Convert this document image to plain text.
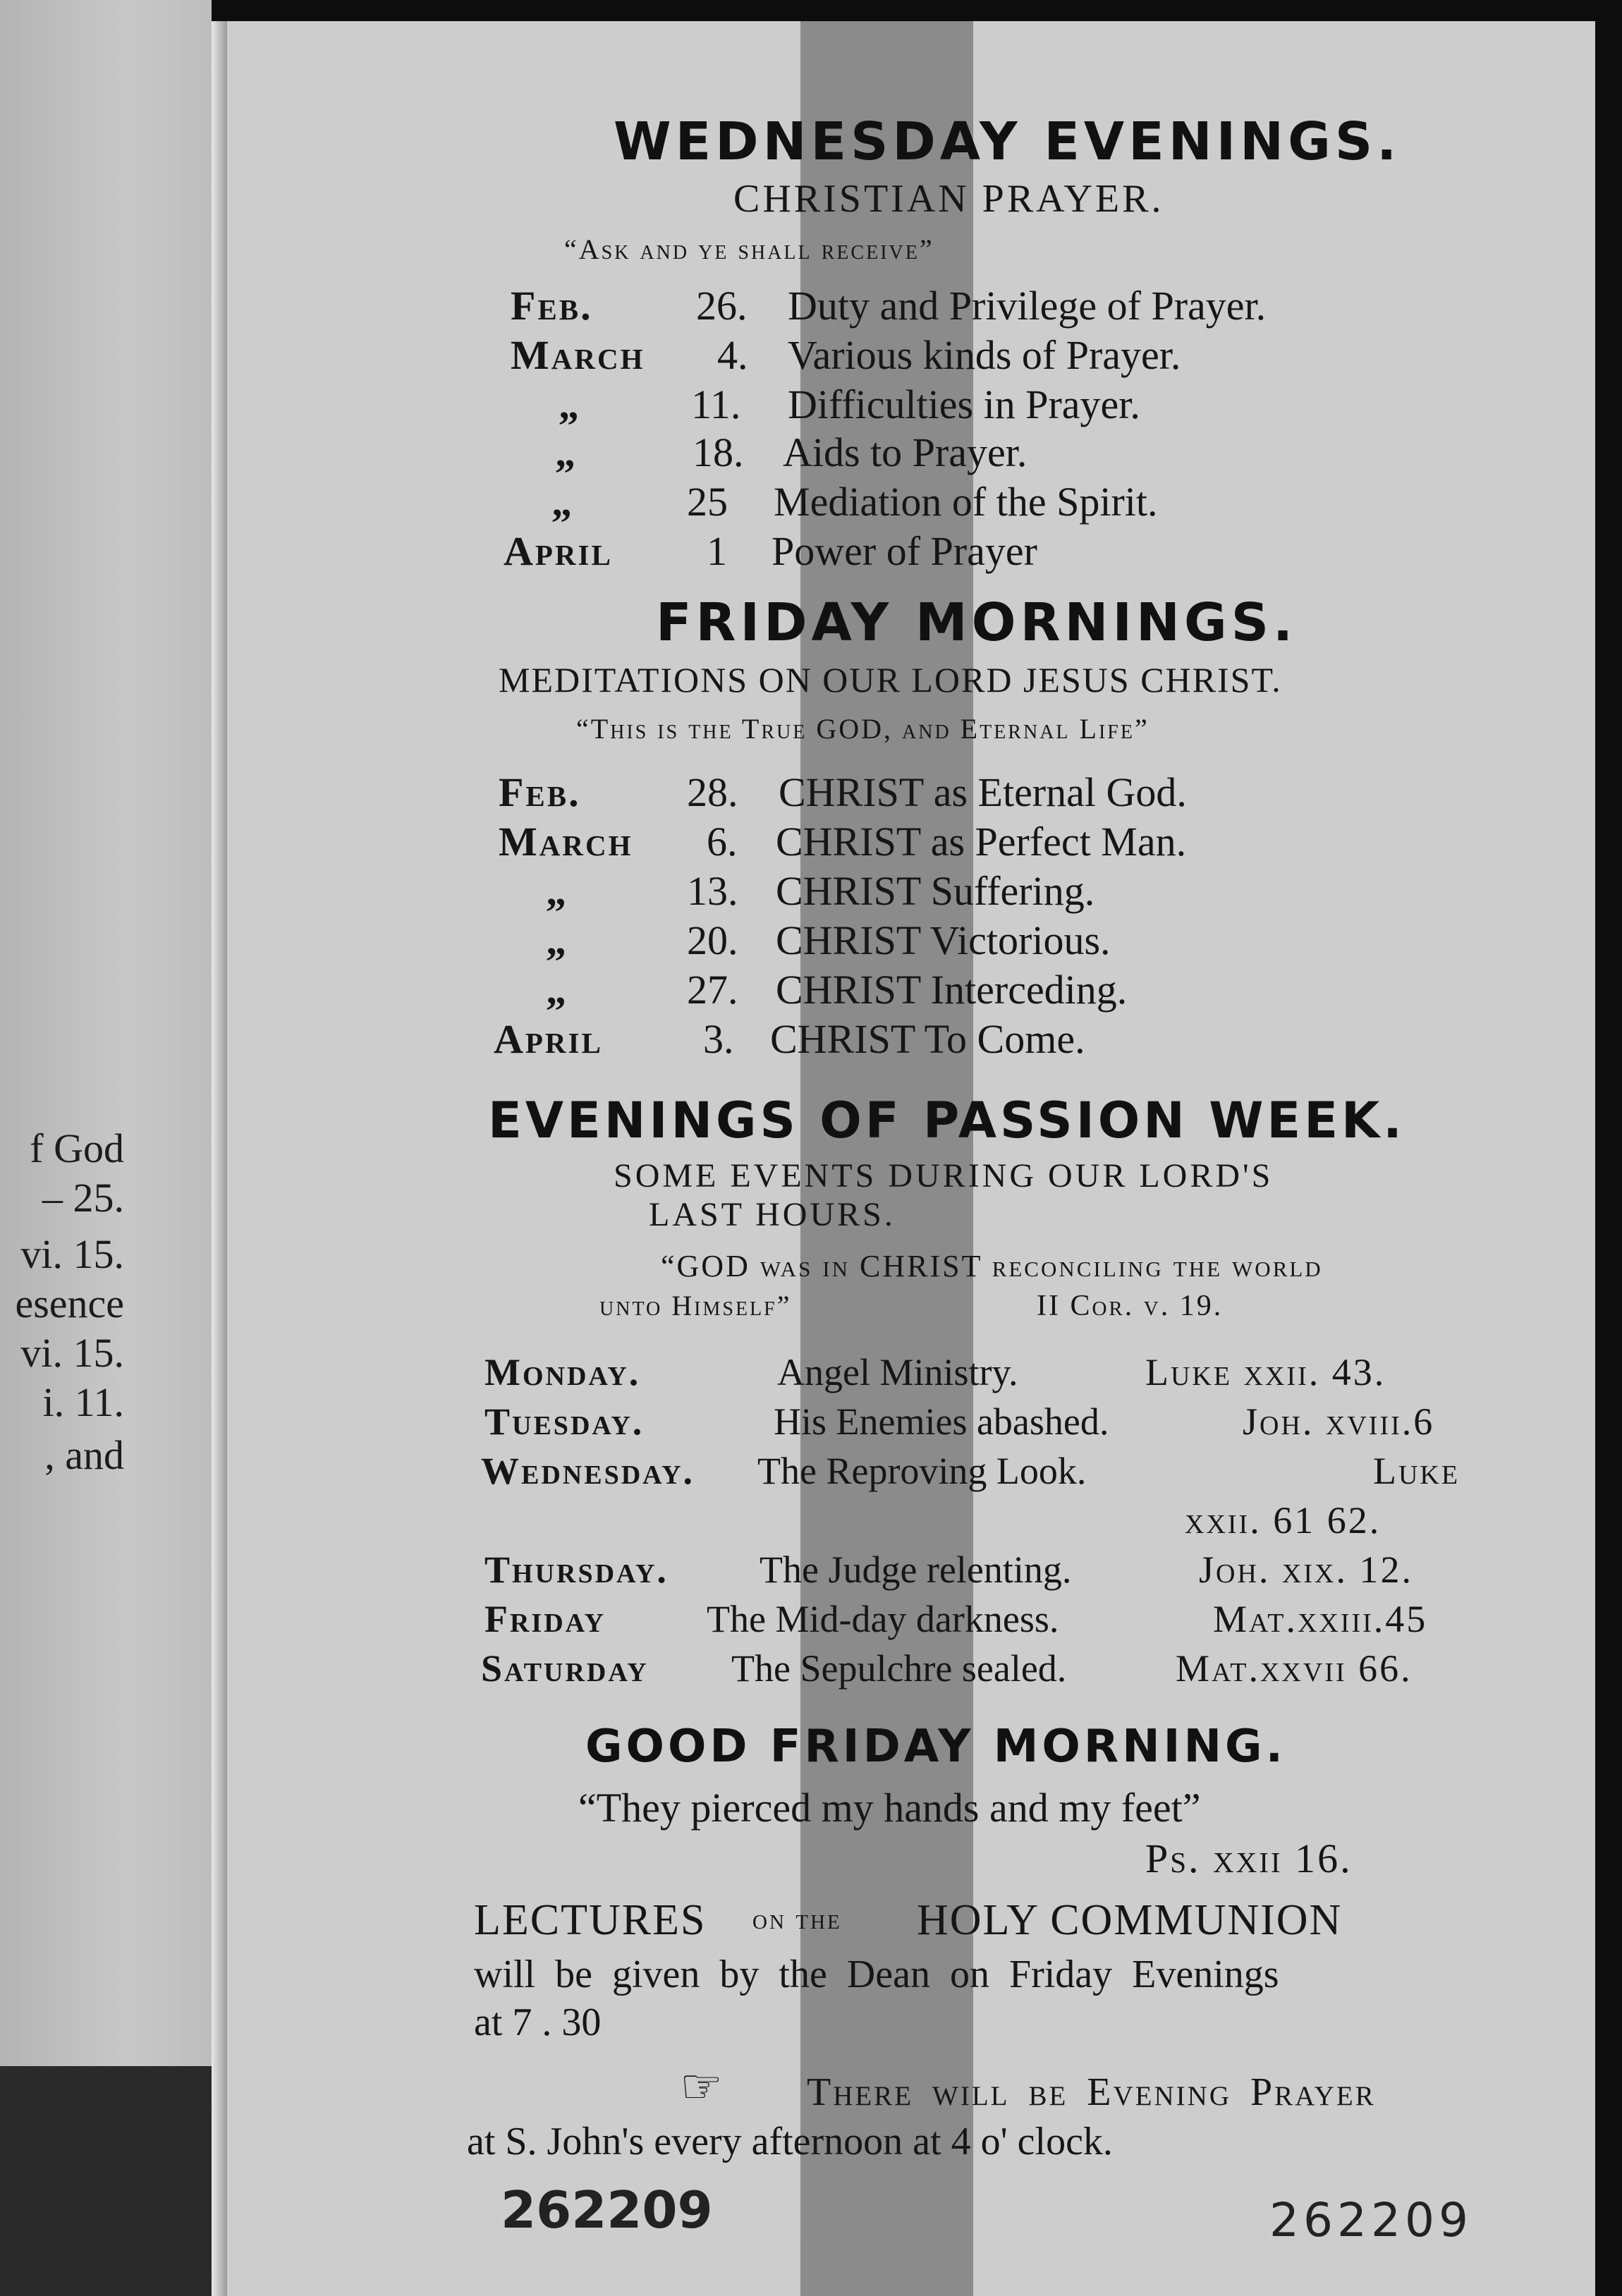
f God
– 25.
vi. 15.
esence
vi. 15.
i. 11.
, and
WEDNESDAY EVENINGS.
CHRISTIAN PRAYER.
“Ask and ye shall receive”
Feb.	26. Duty and Privilege of Prayer.
March 4. Various kinds of Prayer.
„	11. Difficulties in Prayer.
„	18. Aids to Prayer.
„	25 Mediation of the Spirit.
April 1 Power of Prayer
FRIDAY MORNINGS.
MEDITATIONS ON OUR LORD JESUS CHRIST.
“This is the True GOD, and Eternal Life”
Feb.	28. CHRIST as Eternal God.
March 6. CHRIST as Perfect Man.
„	13. CHRIST Suffering.
„	20. CHRIST Victorious.
„	27. CHRIST Interceding.
April 3. CHRIST To Come.
EVENINGS OF PASSION WEEK.
SOME EVENTS DURING OUR LORD'S
LAST HOURS.
“GOD was in CHRIST reconciling the world
unto Himself”	II Cor. v. 19.
Monday.	Angel Ministry.	Luke xxii. 43.
Tuesday.	His Enemies abashed.	Joh. xviii.6
Wednesday. The Reproving Look.	Luke
xxii. 61 62.
Thursday. The Judge relenting.	Joh. xix. 12.
Friday	The Mid-day darkness.	Mat.xxiii.45
Saturday The Sepulchre sealed.	Mat.xxvii 66.
GOOD FRIDAY MORNING.
“They pierced my hands and my feet”
Ps. xxii 16.
LECTURES on the HOLY COMMUNION
will be given by the Dean on Friday Evenings
at 7 . 30
☞ There will be Evening Prayer
at S. John's every afternoon at 4 o' clock.
262209	262209
